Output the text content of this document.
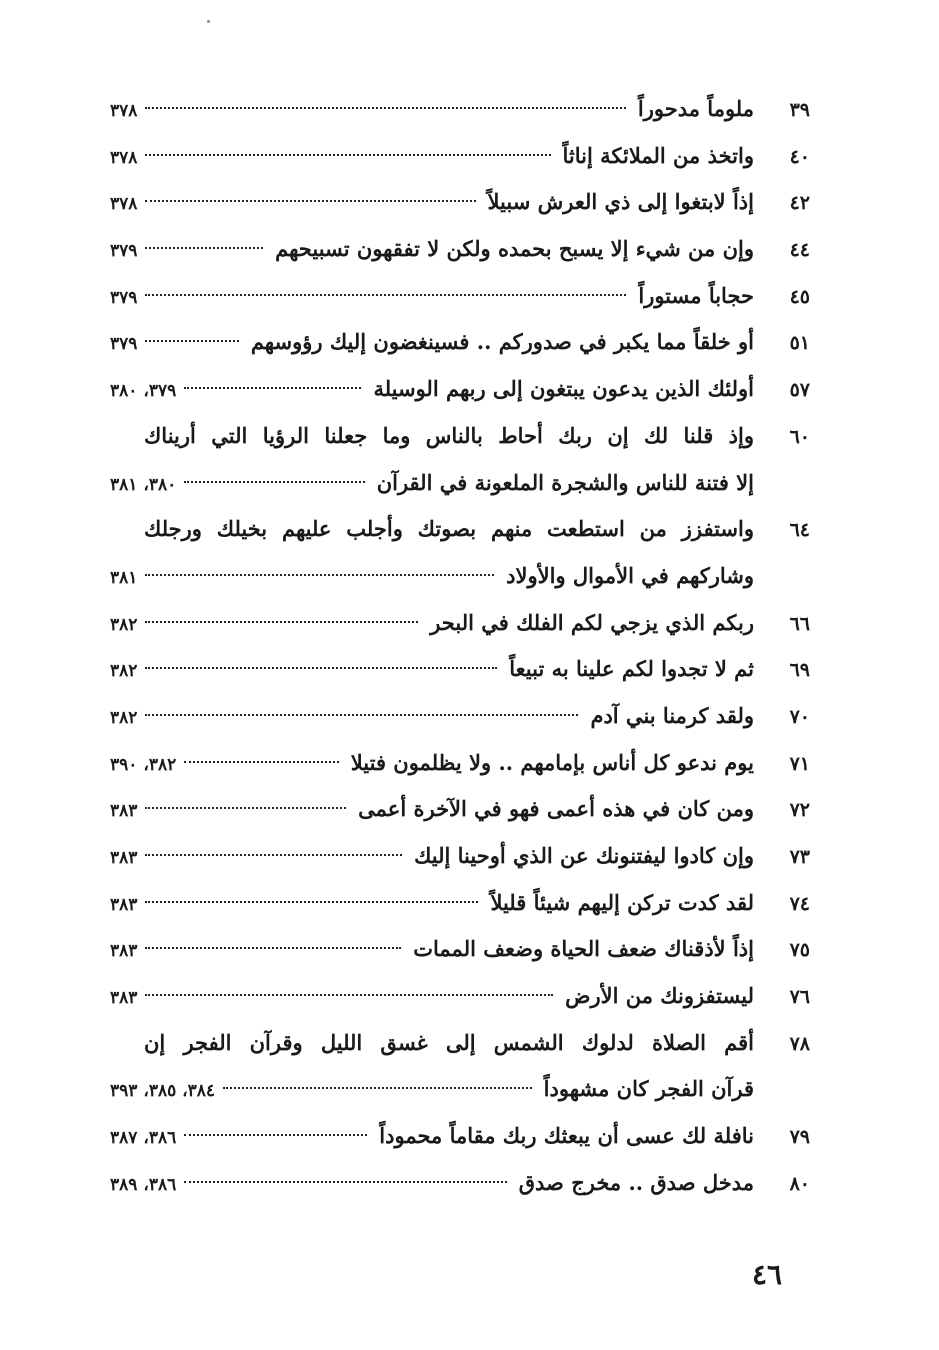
٣٩
ملوماً مدحوراً
٣٧٨
٤٠
واتخذ من الملائكة إناثاً
٣٧٨
٤٢
إذاً لابتغوا إلى ذي العرش سبيلاً
٣٧٨
٤٤
وإن من شيء إلا يسبح بحمده ولكن لا تفقهون تسبيحهم
٣٧٩
٤٥
حجاباً مستوراً
٣٧٩
٥١
أو خلقاً مما يكبر في صدوركم .. فسينغضون إليك رؤوسهم
٣٧٩
٥٧
أولئك الذين يدعون يبتغون إلى ربهم الوسيلة
٣٧٩، ٣٨٠
٦٠
وإذ قلنا لك إن ربك أحاط بالناس وما جعلنا الرؤيا التي أريناك
إلا فتنة للناس والشجرة الملعونة في القرآن
٣٨٠، ٣٨١
٦٤
واستفزز من استطعت منهم بصوتك وأجلب عليهم بخيلك ورجلك
وشاركهم في الأموال والأولاد
٣٨١
٦٦
ربكم الذي يزجي لكم الفلك في البحر
٣٨٢
٦٩
ثم لا تجدوا لكم علينا به تبيعاً
٣٨٢
٧٠
ولقد كرمنا بني آدم
٣٨٢
٧١
يوم ندعو كل أناس بإمامهم .. ولا يظلمون فتيلا
٣٨٢، ٣٩٠
٧٢
ومن كان في هذه أعمى فهو في الآخرة أعمى
٣٨٣
٧٣
وإن كادوا ليفتنونك عن الذي أوحينا إليك
٣٨٣
٧٤
لقد كدت تركن إليهم شيئاً قليلاً
٣٨٣
٧٥
إذاً لأذقناك ضعف الحياة وضعف الممات
٣٨٣
٧٦
ليستفزونك من الأرض
٣٨٣
٧٨
أقم الصلاة لدلوك الشمس إلى غسق الليل وقرآن الفجر إن
قرآن الفجر كان مشهوداً
٣٨٤، ٣٨٥، ٣٩٣
٧٩
نافلة لك عسى أن يبعثك ربك مقاماً محموداً
٣٨٦، ٣٨٧
٨٠
مدخل صدق .. مخرج صدق
٣٨٦، ٣٨٩
٤٦
